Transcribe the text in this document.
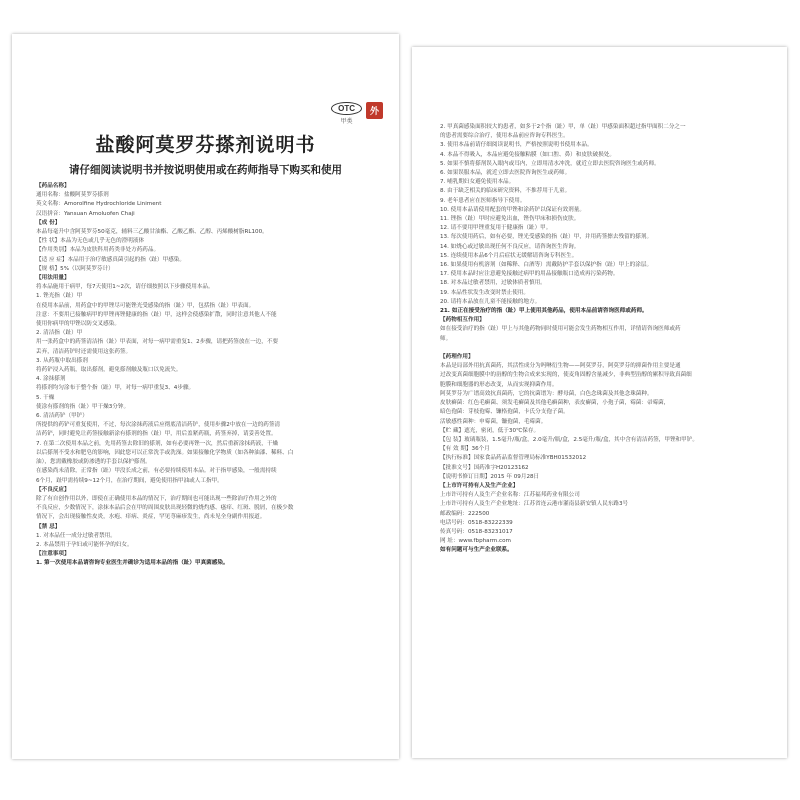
OTC
甲类
外
盐酸阿莫罗芬搽剂说明书
请仔细阅读说明书并按说明使用或在药师指导下购买和使用
【药品名称】
通用名称：盐酸阿莫罗芬搽剂
英文名称：Amorolfine Hydrochloride Liniment
汉语拼音：Yansuan Amoluofen Chaji
【成 份】
本品每毫升中含阿莫罗芬50毫克，辅料三乙酸甘油酯、乙酸乙酯、乙醇、丙烯酸树脂RL100。
【性 状】本品为无色或几乎无色的澄明液体
【作用类别】本品为皮肤科用药类非处方药药品。
【适 应 症】本品用于治疗敏感真菌引起的指（趾）甲感染。
【规 格】5%（以阿莫罗芬计）
【用法用量】
将本品施用于病甲，每7天使用1~2次，请仔细按照以下步骤使用本品。
1. 锉光指（趾）甲
在使用本品前，用药盒中的甲锉尽可能锉光受感染的指（趾）甲，包括指（趾）甲表面。
注意：不要用已接触病甲的甲锉再锉健康的指（趾）甲，这样会使感染扩散，同时注意其他人不能
使用你病甲的甲锉以防交叉感染。
2. 清洁指（趾）甲
用一张药盒中的药签清洁指（趾）甲表面，对每一病甲需重复1、2步骤，请把药签放在一边，不要
丢弃，清洁药铲时还需使用这张药签。
3. 从药瓶中取出搽剂
将药铲浸入药瓶，取出搽剂，避免搽剂触及瓶口以免流失。
4. 涂抹搽剂
将搽剂均匀涂布于整个指（趾）甲，对每一病甲重复3、4步骤。
5. 干燥
使涂有搽剂的指（趾）甲干燥3分钟。
6. 清洁药铲（甲铲）
所提供的药铲可重复使用，不过，每次涂抹药液后应彻底清洁药铲，使用步骤2中放在一边的药签清
洁药铲，同时避免让药签接触新涂有搽剂的指（趾）甲，用后盖紧药瓶，药签弃掉，请妥善处置。
7. 在第二次使用本品之前，先用药签去除旧的搽剂，如有必要再锉一次，然后重新涂抹药液，干燥
以后搽剂不受水和肥皂的影响，因此您可以正常洗手或洗澡。如果接触化学物质（如各种油漆、稀料、白
油），您需戴橡胶或防渗透的手套以保护搽剂。
在感染尚未清除，正常指（趾）甲没长成之前，有必要持续使用本品。对于指甲感染，一般需持续
6个月，趾甲需持续9~12个月，在治疗期间，避免使用指甲油或人工指甲。
【不良反应】
除了有自创作用以外，即使在正确使用本品的情况下，治疗期间也可能出现一些除治疗作用之外的
不良反应，少数情况下，涂抹本品后会在甲的周围皮肤出现轻微的烧灼感、瘙痒、红斑、脱屑，在极少数
情况下，会出现接触性皮炎，水疱、痒病、炎症，罕见荨麻疹发生，尚未见全身副作用报道。
【禁 忌】
1. 对本品任一成分过敏者禁用。
2. 本品禁用于孕妇或可能怀孕的妇女。
【注意事项】
1. 第一次使用本品请咨询专业医生并确诊为适用本品的指（趾）甲真菌感染。
2. 甲真菌感染面积较大的患者，如多于2个指（趾）甲，单（趾）甲感染面积超过指甲面积二分之一
的患者需要综合治疗，使用本品前应咨询专科医生。
3. 使用本品前请仔细阅读说明书，严格按照说明书使用本品。
4. 本品不得吸入，本品应避免接触粘膜（如口腔、鼻）和皮肤破损处。
5. 如果不慎将搽剂误入眼内或耳内，立即用清水冲洗，就近立即去医院咨询医生或药师。
6. 如果误服本品，就近立即去医院咨询医生或药师。
7. 哺乳期妇女避免使用本品。
8. 由于缺乏相关的临床研究资料，不推荐用于儿童。
9. 老年患者应在医师指导下使用。
10. 使用本品请使用配套的甲锉和涂药铲以保证有效剂量。
11. 锉指（趾）甲时应避免出血，锉伤甲床和损伤皮肤。
12. 请不要用甲锉重复用于健康指（趾）甲。
13. 每次使用药后，如有必要，锉光受感染的指（趾）甲，并用药签擦去残留的搽剂。
14. 如烧心或过敏出现任何不良反应，请咨询医生咨询。
15. 连续使用本品6个月后症状无缓解请咨询专科医生。
16. 如果使用有机溶剂（如稀释、白酒等）需戴防护手套以保护指（趾）甲上的涂层。
17. 使用本品时应注意避免接触过病甲的用品接触瓶口造成再污染药物。
18. 对本品过敏者禁用，过敏体质者慎用。
19. 本品性状发生改变时禁止使用。
20. 请将本品放在儿童不能接触的地方。
21. 如正在接受治疗的指（趾）甲上使用其他药品，使用本品前请咨询医师或药师。
【药物相互作用】
如在接受治疗的指（趾）甲上与其他药物同时使用可能会发生药物相互作用，详情请咨询医师或药
师。

【药理作用】
本品是局部外用抗真菌药，其活性成分为吗啉衍生物——阿莫罗芬，阿莫罗芬的抑菌作用主要是通
过改变真菌细胞膜中的甾醇的生物合成来实现的，使麦角固醇含量减少，非典型甾醇的累积导致真菌细
胞膜和细胞器的形态改变，从而实现抑菌作用。
阿莫罗芬为广谱高效抗真菌药，它的抗菌谱为：酵母菌，白色念珠菌及其他念珠菌种。
皮肤癣菌：红色毛癣菌、须发毛癣菌及其他毛癣菌种，表皮癣菌，小孢子菌，霉菌：帚霉菌，
暗色孢菌：芽枝孢霉、镰格孢菌，卡氏分支孢子菌。
活敏感性菌种：申霉菌，镰孢菌，毛霉菌。
【贮 藏】遮光，密闭，低于30℃保存。
【包 装】玻璃瓶装，1.5毫升/瓶/盒，2.0毫升/瓶/盒，2.5毫升/瓶/盒，其中含有清洁药签，甲锉和甲铲。
【有 效 期】36个月
【执行标准】国家食品药品监督管理局标准YBH01532012
【批准文号】国药准字H20123162
【说明书修订日期】2015 年 09月28日
【上市许可持有人及生产企业】
上市许可持有人及生产企业名称：江苏福邦药业有限公司
上市许可持有人及生产企业地址：江苏省连云港市灌南县新安镇人民东路3号
邮政编码：222500
电话号码：0518-83222339
传真号码：0518-83231017
网 址：www.fbpharm.com
如有问题可与生产企业联系。
